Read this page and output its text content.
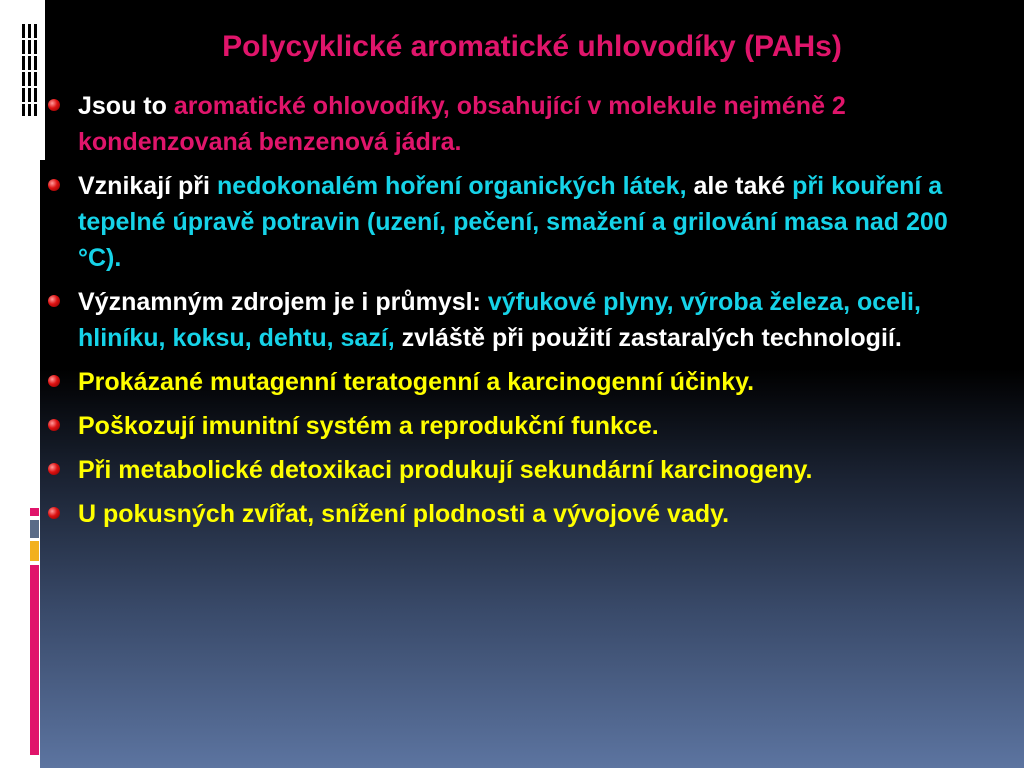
Polycyklické aromatické uhlovodíky (PAHs)
Jsou to aromatické ohlovodíky, obsahující v molekule nejméně 2 kondenzovaná benzenová jádra.
Vznikají při nedokonalém hoření organických látek, ale také při kouření a tepelné úpravě potravin (uzení, pečení, smažení a grilování masa nad 200 °C).
Významným zdrojem je i průmysl: výfukové plyny, výroba železa, oceli, hliníku, koksu, dehtu, sazí, zvláště při použití zastaralých technologií.
Prokázané mutagenní teratogenní a karcinogenní účinky.
Poškozují imunitní systém a reprodukční funkce.
Při metabolické detoxikaci produkují sekundární karcinogeny.
U pokusných zvířat, snížení plodnosti a vývojové vady.
